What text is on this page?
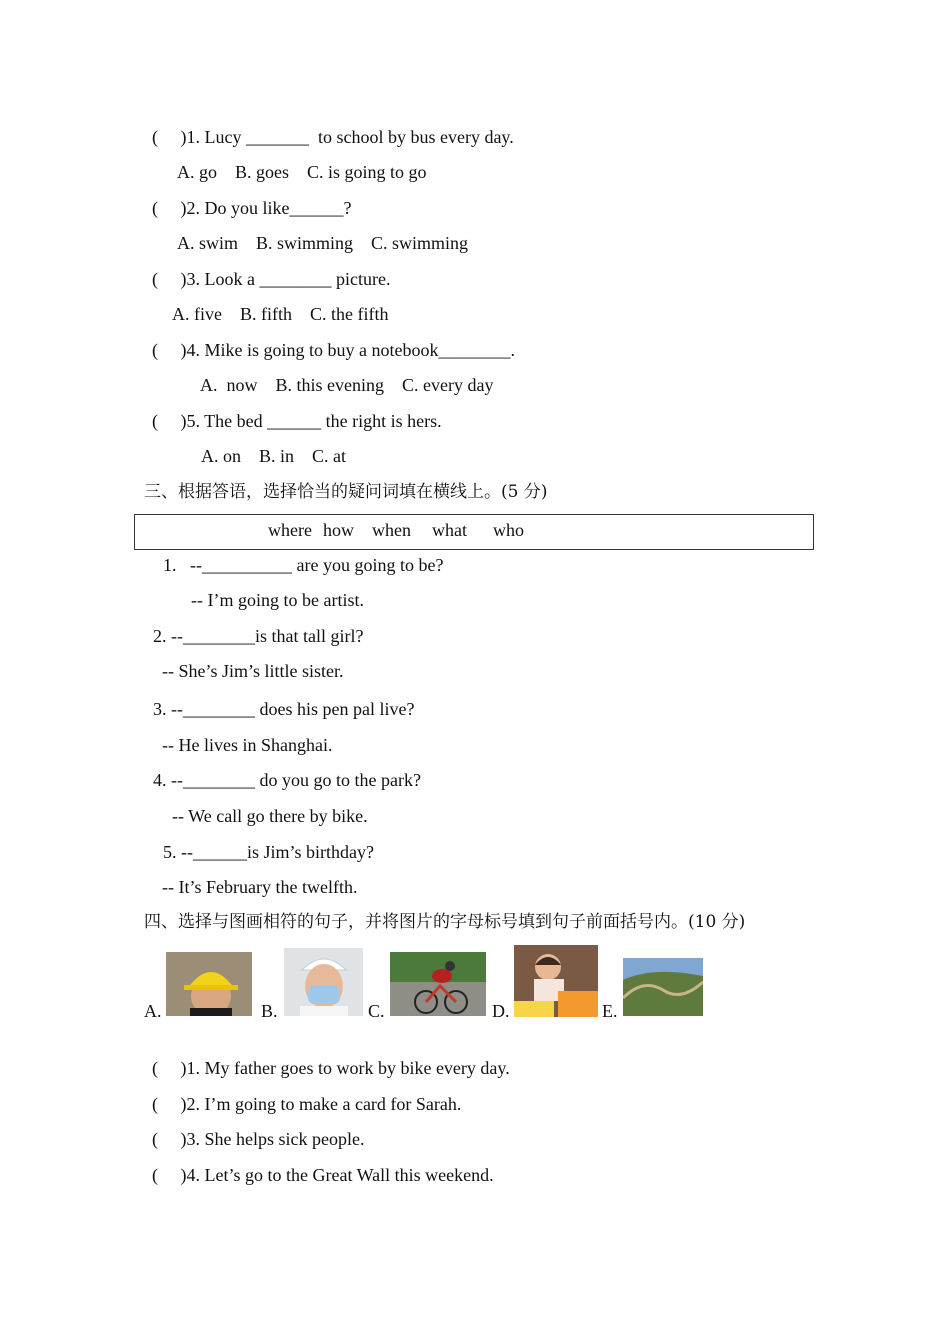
(     )1. Lucy _______  to school by bus every day.
A. go    B. goes    C. is going to go
(     )2. Do you like______?
A. swim    B. swimming    C. swimming
(     )3. Look a ________ picture.
A. five    B. fifth    C. the fifth
(     )4. Mike is going to buy a notebook________.
A.  now    B. this evening    C. every day
(     )5. The bed ______ the right is hers.
A. on    B. in    C. at
三、根据答语，选择恰当的疑问词填在横线上。(5 分)
where how when what who
1.   --__________ are you going to be?
-- I’m going to be artist.
2. --________is that tall girl?
-- She’s Jim’s little sister.
3. --________ does his pen pal live?
-- He lives in Shanghai.
4. --________ do you go to the park?
-- We call go there by bike.
5. --______is Jim’s birthday?
-- It’s February the twelfth.
四、选择与图画相符的句子，并将图片的字母标号填到句子前面括号内。(10 分)
A.	B.	C.	D.	E.
(     )1. My father goes to work by bike every day.
(     )2. I’m going to make a card for Sarah.
(     )3. She helps sick people.
(     )4. Let’s go to the Great Wall this weekend.
